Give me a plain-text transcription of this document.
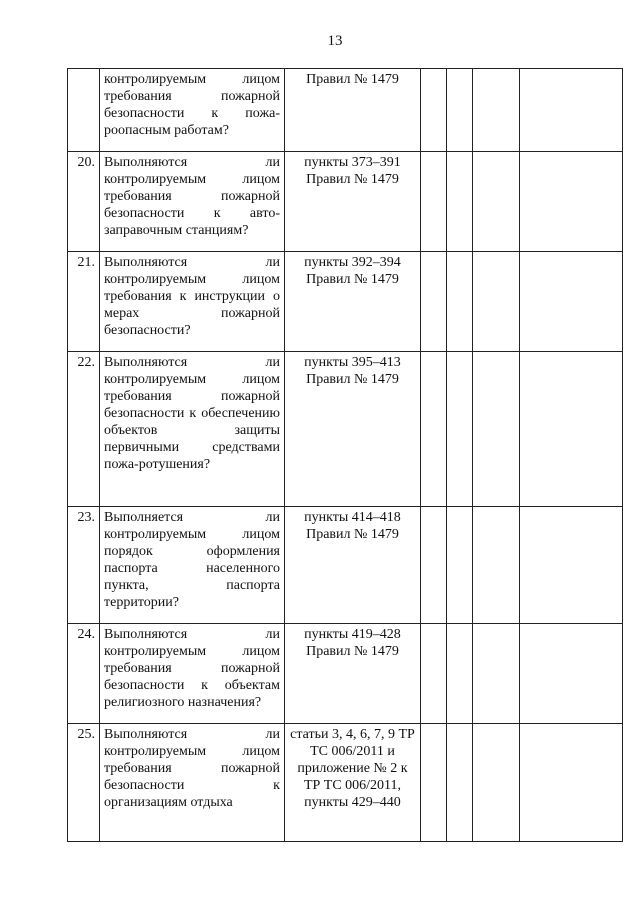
13
	контролируемым лицом требования пожарной безопасности к пожа-роопасным работам?	Правил № 1479				
20.	Выполняются ли контролируемым лицом требования пожарной безопасности к авто-заправочным станциям?	пункты 373–391 Правил № 1479				
21.	Выполняются ли контролируемым лицом требования к инструкции о мерах пожарной безопасности?	пункты 392–394 Правил № 1479				
22.	Выполняются ли контролируемым лицом требования пожарной безопасности к обеспечению объектов защиты первичными средствами пожа-ротушения?	пункты 395–413 Правил № 1479				
23.	Выполняется ли контролируемым лицом порядок оформления паспорта населенного пункта, паспорта территории?	пункты 414–418 Правил № 1479				
24.	Выполняются ли контролируемым лицом требования пожарной безопасности к объектам религиозного назначения?	пункты 419–428 Правил № 1479				
25.	Выполняются ли контролируемым лицом требования пожарной безопасности к организациям отдыха	статьи 3, 4, 6, 7, 9 ТР ТС 006/2011 и приложение № 2 к ТР ТС 006/2011, пункты 429–440				
